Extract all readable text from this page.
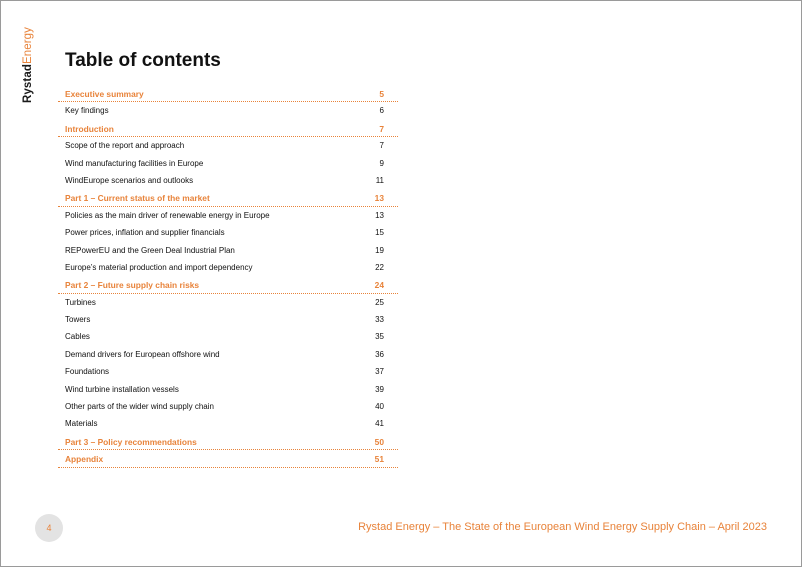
RystadEnergy Table of contents
Executive summary	5
Key findings	6
Introduction	7
Scope of the report and approach	7
Wind manufacturing facilities in Europe	9
WindEurope scenarios and outlooks	11
Part 1 – Current status of the market	13
Policies as the main driver of renewable energy in Europe	13
Power prices, inflation and supplier financials	15
REPowerEU and the Green Deal Industrial Plan	19
Europe’s material production and import dependency	22
Part 2 – Future supply chain risks	24
Turbines	25
Towers	33
Cables	35
Demand drivers for European offshore wind	36
Foundations	37
Wind turbine installation vessels	39
Other parts of the wider wind supply chain	40
Materials	41
Part 3 – Policy recommendations	50
Appendix	51
4	Rystad Energy – The State of the European Wind Energy Supply Chain – April 2023
